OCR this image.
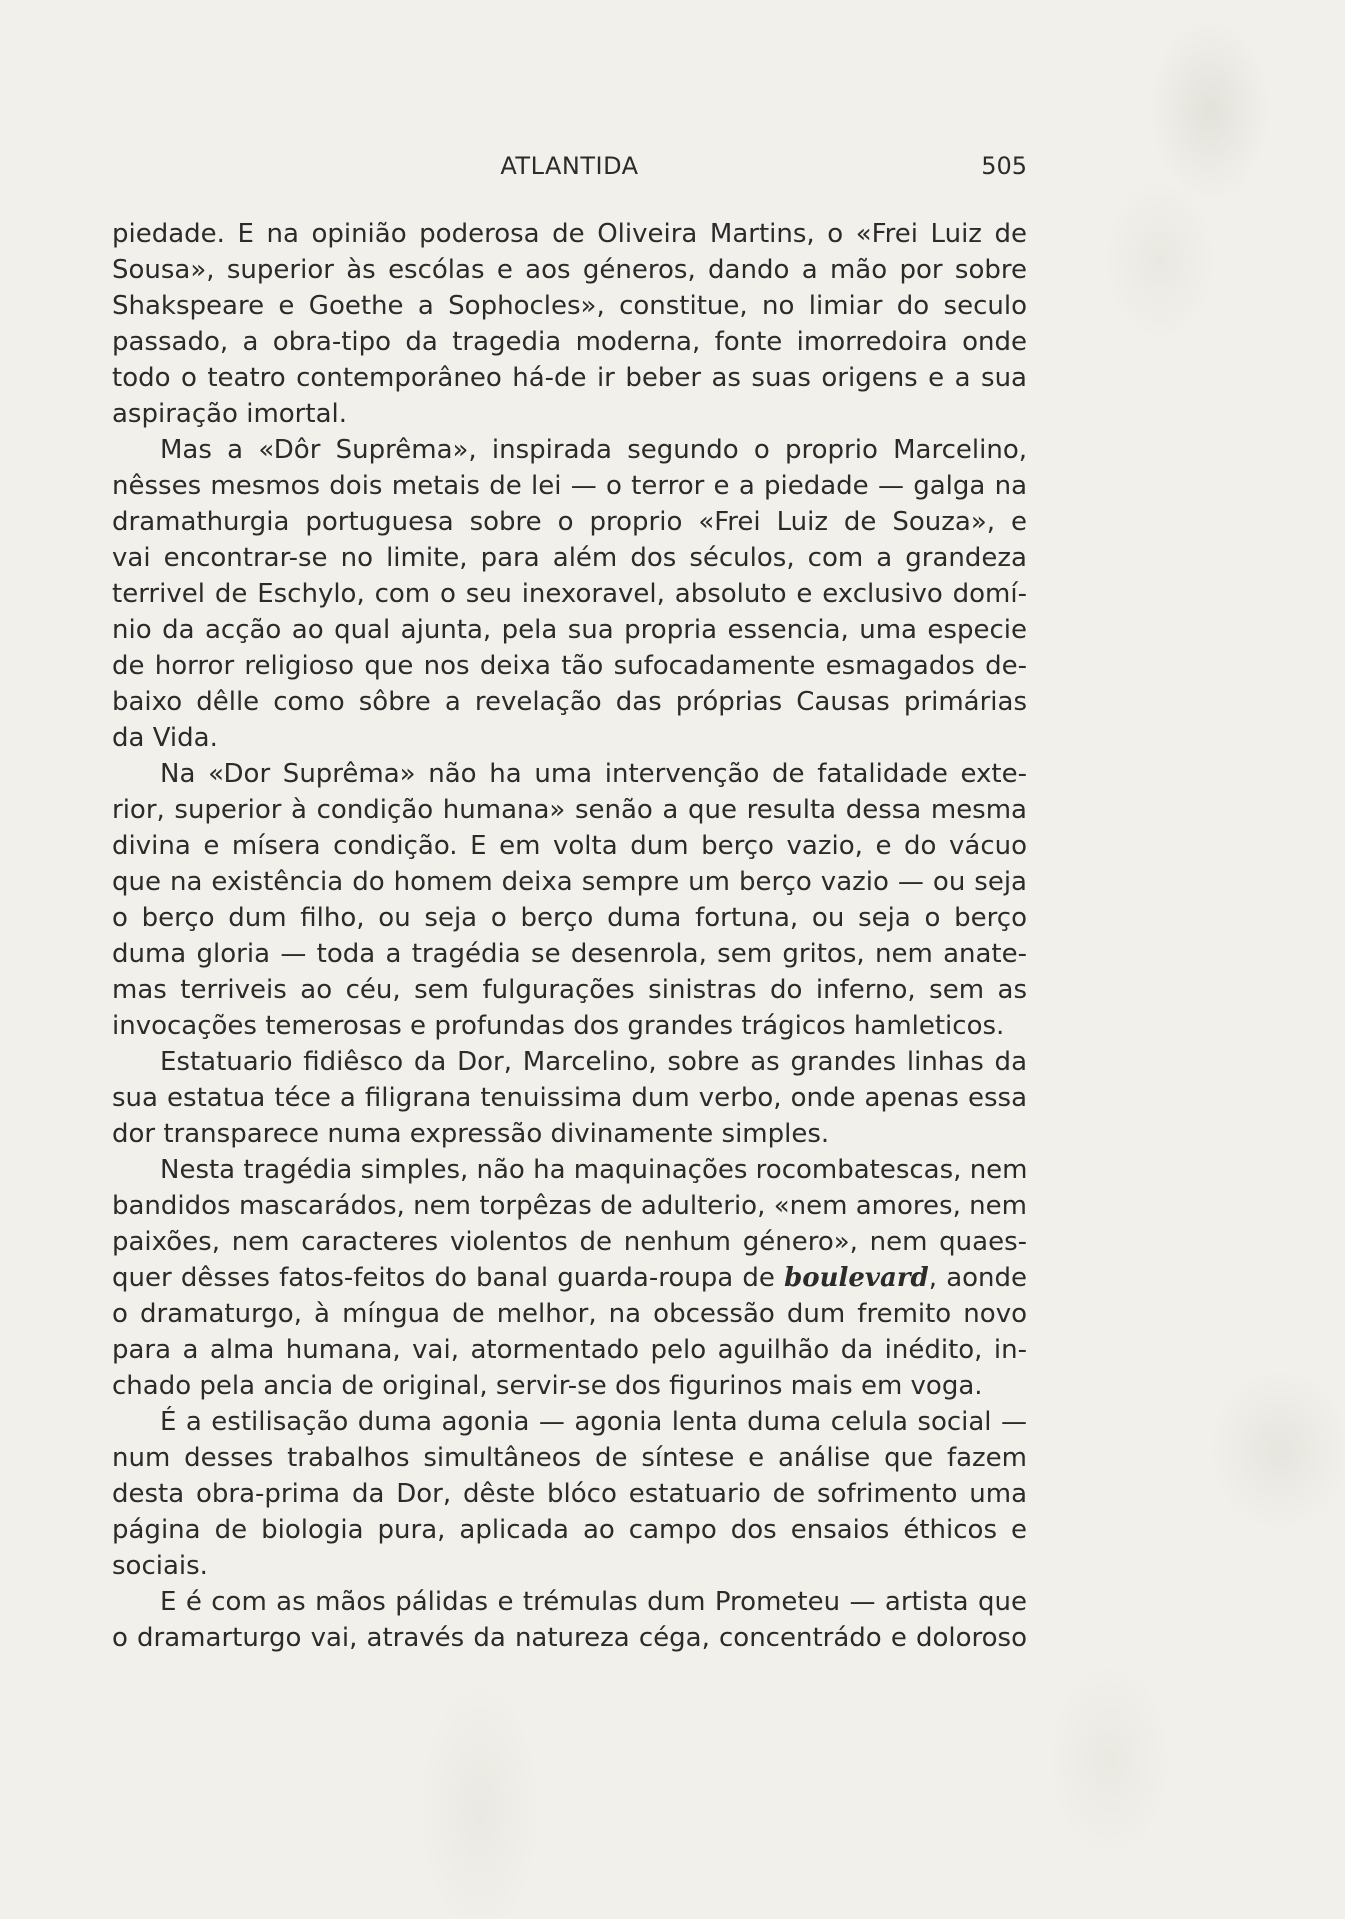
ATLANTIDA	505
piedade. E na opinião poderosa de Oliveira Martins, o «Frei Luiz de
Sousa», superior às escólas e aos géneros, dando a mão por sobre
Shakspeare e Goethe a Sophocles», constitue, no limiar do seculo
passado, a obra-tipo da tragedia moderna, fonte imorredoira onde
todo o teatro contemporâneo há-de ir beber as suas origens e a sua
aspiração imortal.
Mas a «Dôr Suprêma», inspirada segundo o proprio Marcelino,
nêsses mesmos dois metais de lei — o terror e a piedade — galga na
dramathurgia portuguesa sobre o proprio «Frei Luiz de Souza», e
vai encontrar-se no limite, para além dos séculos, com a grandeza
terrivel de Eschylo, com o seu inexoravel, absoluto e exclusivo domí-
nio da acção ao qual ajunta, pela sua propria essencia, uma especie
de horror religioso que nos deixa tão sufocadamente esmagados de-
baixo dêlle como sôbre a revelação das próprias Causas primárias
da Vida.
Na «Dor Suprêma» não ha uma intervenção de fatalidade exte-
rior, superior à condição humana» senão a que resulta dessa mesma
divina e mísera condição. E em volta dum berço vazio, e do vácuo
que na existência do homem deixa sempre um berço vazio — ou seja
o berço dum filho, ou seja o berço duma fortuna, ou seja o berço
duma gloria — toda a tragédia se desenrola, sem gritos, nem anate-
mas terriveis ao céu, sem fulgurações sinistras do inferno, sem as
invocações temerosas e profundas dos grandes trágicos hamleticos.
Estatuario fidiêsco da Dor, Marcelino, sobre as grandes linhas da
sua estatua téce a filigrana tenuissima dum verbo, onde apenas essa
dor transparece numa expressão divinamente simples.
Nesta tragédia simples, não ha maquinações rocombatescas, nem
bandidos mascarádos, nem torpêzas de adulterio, «nem amores, nem
paixões, nem caracteres violentos de nenhum género», nem quaes-
quer dêsses fatos-feitos do banal guarda-roupa de boulevard, aonde
o dramaturgo, à míngua de melhor, na obcessão dum fremito novo
para a alma humana, vai, atormentado pelo aguilhão da inédito, in-
chado pela ancia de original, servir-se dos figurinos mais em voga.
É a estilisação duma agonia — agonia lenta duma celula social —
num desses trabalhos simultâneos de síntese e análise que fazem
desta obra-prima da Dor, dêste blóco estatuario de sofrimento uma
página de biologia pura, aplicada ao campo dos ensaios éthicos e
sociais.
E é com as mãos pálidas e trémulas dum Prometeu — artista que
o dramarturgo vai, através da natureza céga, concentrádo e doloroso
